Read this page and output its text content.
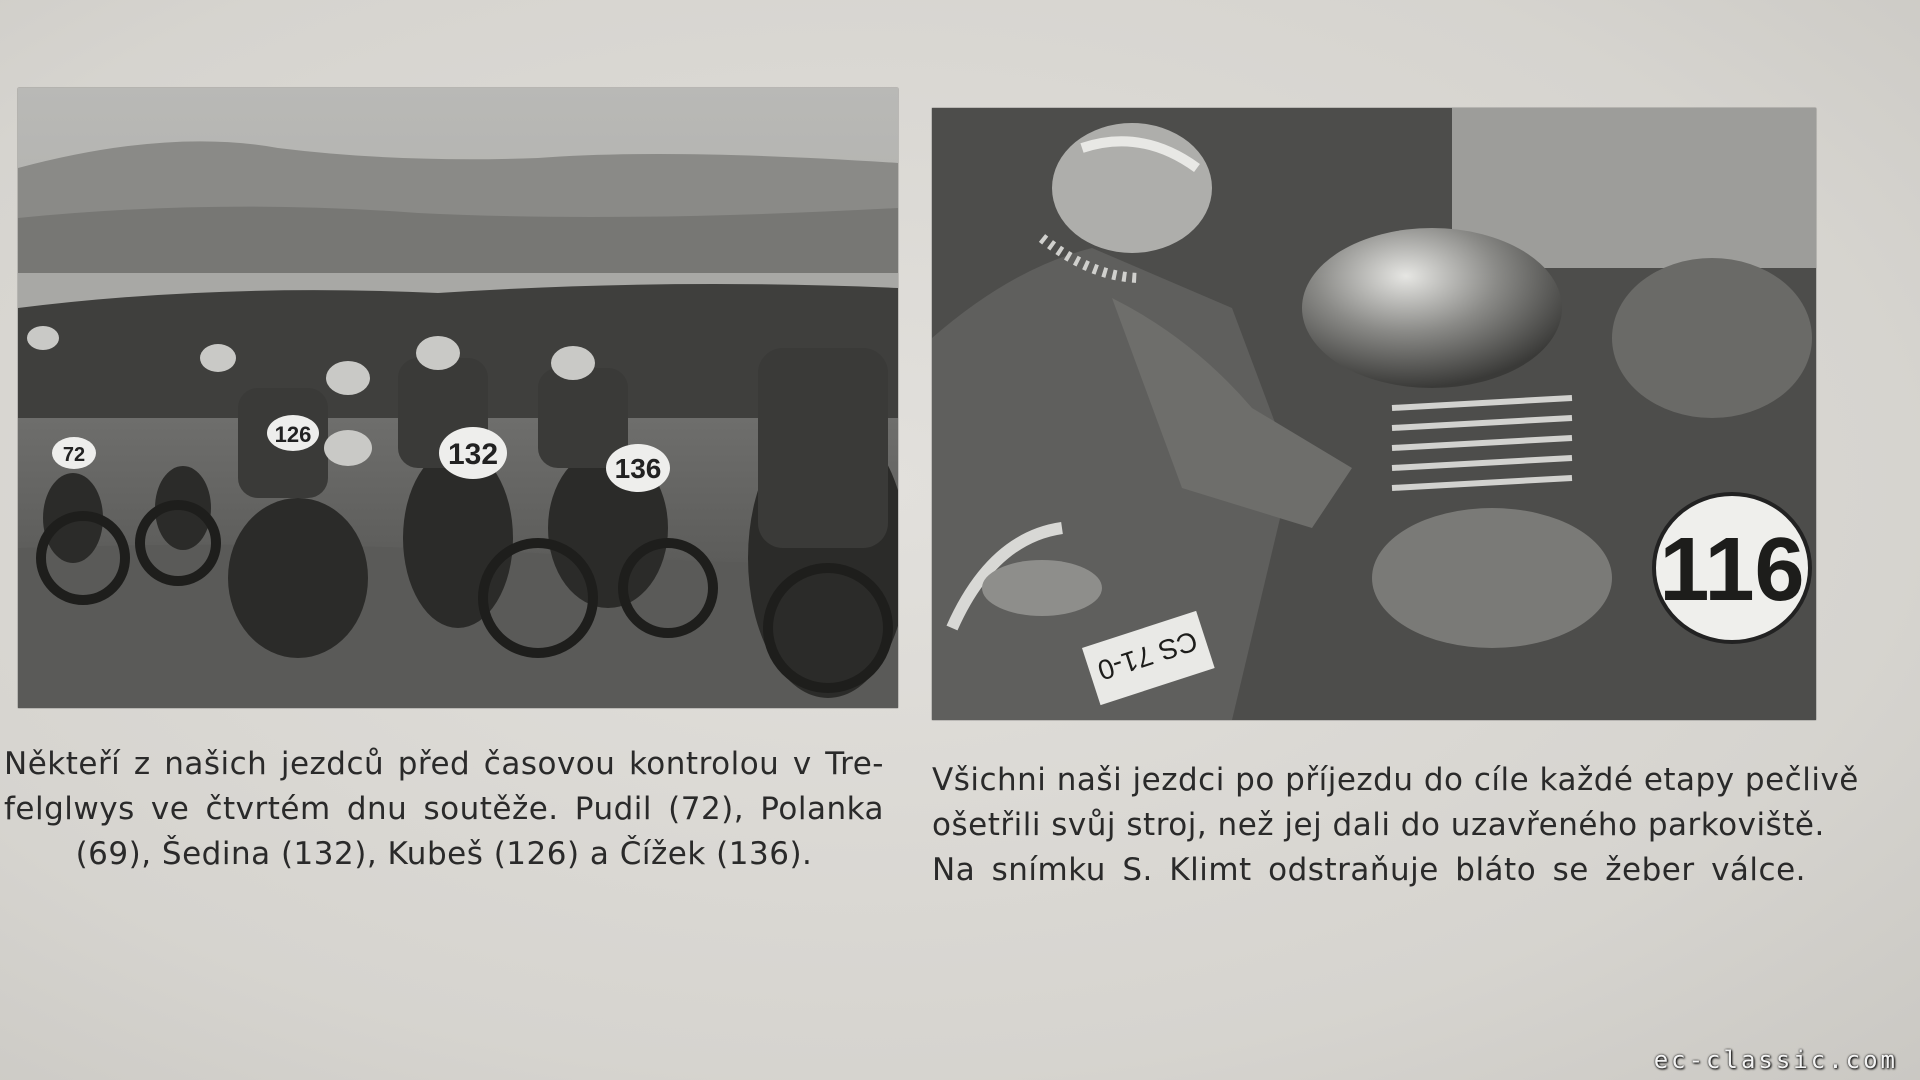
72
126
132	136
116
CS 71-0
Někteří z našich jezdců před časovou kontrolou v Tre-
felglwys ve čtvrtém dnu soutěže. Pudil (72), Polanka
(69), Šedina (132), Kubeš (126) a Čížek (136).
Všichni naši jezdci po příjezdu do cíle každé etapy pečlivě
ošetřili svůj stroj, než jej dali do uzavřeného parkoviště.
Na snímku S. Klimt odstraňuje bláto se žeber válce.
ec-classic.com
